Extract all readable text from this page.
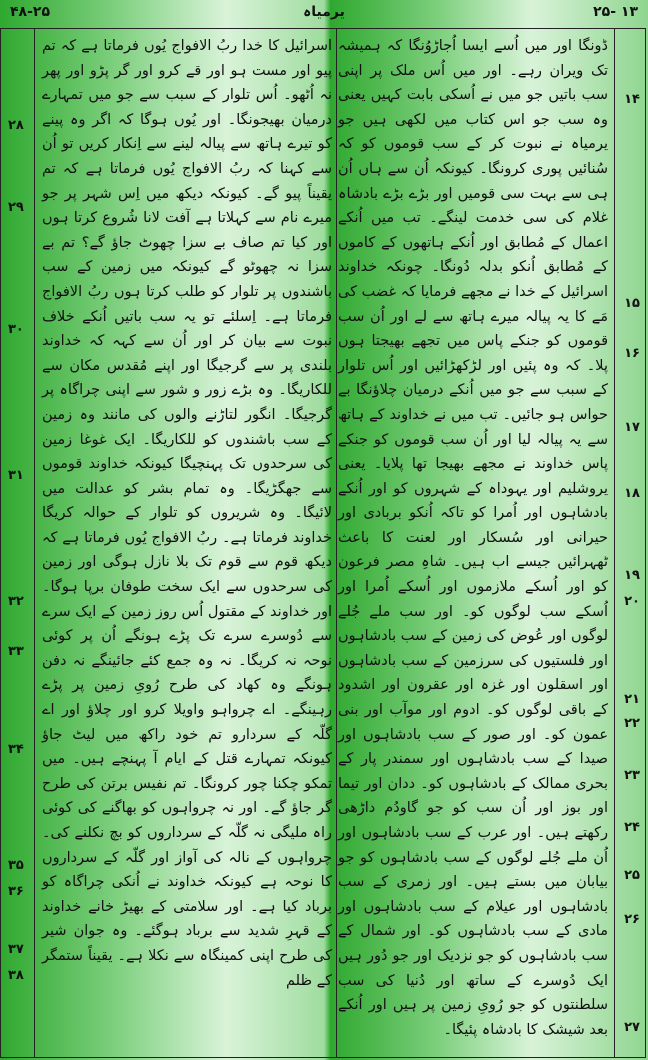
۴۸-۲۵	یرمیاہ	۲۵- ۱۳

ڈونگا اور میں اُسے ایسا اُجاڑوُنگا کہ ہمیشہ تک ویران رہے۔ اور میں اُس ملک پر اپنی سب باتیں جو میں نے اُسکی بابت کہیں یعنی وہ سب جو اس کتاب میں لکھی ہیں جو یرمیاہ نے نبوت کر کے سب قوموں کو کہ سُنائیں پوری کرونگا۔ کیونکہ اُن سے ہاں اُن ہی سے بہت سی قومیں اور بڑے بڑے بادشاہ غلام کی سی خدمت لینگے۔ تب میں اُنکے اعمال کے مُطابق اور اُنکے ہاتھوں کے کاموں کے مُطابق اُنکو بدلہ دُونگا۔ چونکہ خداوند اسرائیل کے خدا نے مجھے فرمایا کہ غضب کی مَے کا یہ پیالہ میرے ہاتھ سے لے اور اُن سب قوموں کو جنکے پاس میں تجھے بھیجتا ہوں پلا۔ کہ وہ پئیں اور لڑکھڑائیں اور اُس تلوار کے سبب سے جو میں اُنکے درمیان چلاؤنگا بے حواس ہو جائیں۔ تب میں نے خداوند کے ہاتھ سے یہ پیالہ لیا اور اُن سب قوموں کو جنکے پاس خداوند نے مجھے بھیجا تھا پلایا۔ یعنی یروشلیم اور یہوداہ کے شہروں کو اور اُنکے بادشاہوں اور اُمرا کو تاکہ اُنکو بربادی اور حیرانی اور سُسکار اور لعنت کا باعث ٹھہرائیں جیسے اب ہیں۔ شاہِ مصر فرعون کو اور اُسکے ملازموں اور اُسکے اُمرا اور اُسکے سب لوگوں کو۔ اور سب ملے جُلے لوگوں اور عُوض کی زمین کے سب بادشاہوں اور فلستیوں کی سرزمین کے سب بادشاہوں اور اسقلون اور غزہ اور عقرون اور اشدود کے باقی لوگوں کو۔ ادوم اور موآب اور بنی عمون کو۔ اور صور کے سب بادشاہوں اور صیدا کے سب بادشاہوں اور سمندر پار کے بحری ممالک کے بادشاہوں کو۔ ددان اور تیما اور بوز اور اُن سب کو جو گاودُم داڑھی رکھتے ہیں۔ اور عرب کے سب بادشاہوں اور اُن ملے جُلے لوگوں کے سب بادشاہوں کو جو بیابان میں بستے ہیں۔ اور زمری کے سب بادشاہوں اور عیلام کے سب بادشاہوں اور مادی کے سب بادشاہوں کو۔ اور شمال کے سب بادشاہوں کو جو نزدیک اور جو دُور ہیں ایک دُوسرے کے ساتھ اور دُنیا کی سب سلطنتوں کو جو رُویِ زمین پر ہیں اور اُنکے بعد شیشک کا بادشاہ پئیگا۔

اسرائیل کا خدا ربُ الافواج یُوں فرماتا ہے کہ تم پیو اور مست ہو اور قے کرو اور گر پڑو اور پھر نہ اُٹھو۔ اُس تلوار کے سبب سے جو میں تمہارے درمیان بھیجونگا۔ اور یُوں ہوگا کہ اگر وہ پینے کو تیرے ہاتھ سے پیالہ لینے سے اِنکار کریں تو اُن سے کہنا کہ ربُ الافواج یُوں فرماتا ہے کہ تم یقیناً پیو گے۔ کیونکہ دیکھ میں اِس شہر پر جو میرے نام سے کہلاتا ہے آفت لانا شُروع کرتا ہوں اور کیا تم صاف بے سزا چھوٹ جاؤ گے؟ تم بے سزا نہ چھوٹو گے کیونکہ میں زمین کے سب باشندوں پر تلوار کو طلب کرتا ہوں ربُ الافواج فرماتا ہے۔ اِسلئے تو یہ سب باتیں اُنکے خلاف نبوت سے بیان کر اور اُن سے کہہ کہ خداوند بلندی پر سے گرجیگا اور اپنے مُقدس مکان سے للکاریگا۔ وہ بڑے زور و شور سے اپنی چراگاہ پر گرجیگا۔ انگور لتاڑنے والوں کی مانند وہ زمین کے سب باشندوں کو للکاریگا۔ ایک غوغا زمین کی سرحدوں تک پہنچیگا کیونکہ خداوند قوموں سے جھگڑیگا۔ وہ تمام بشر کو عدالت میں لائیگا۔ وہ شریروں کو تلوار کے حوالہ کریگا خداوند فرماتا ہے۔ ربُ الافواج یُوں فرماتا ہے کہ دیکھ قوم سے قوم تک بلا نازل ہوگی اور زمین کی سرحدوں سے ایک سخت طوفان برپا ہوگا۔ اور خداوند کے مقتول اُس روز زمین کے ایک سرے سے دُوسرے سرے تک پڑے ہونگے اُن پر کوئی نوحہ نہ کریگا۔ نہ وہ جمع کئے جائینگے نہ دفن ہونگے وہ کھاد کی طرح رُویِ زمین پر پڑے رہینگے۔ اے چرواہو واویلا کرو اور چلاؤ اور اے گلّہ کے سردارو تم خود راکھ میں لیٹ جاؤ کیونکہ تمہارے قتل کے ایام آ پہنچے ہیں۔ میں تمکو چکنا چور کرونگا۔ تم نفیس برتن کی طرح گر جاؤ گے۔ اور نہ چرواہوں کو بھاگنے کی کوئی راہ ملیگی نہ گلّہ کے سرداروں کو بچ نکلنے کی۔ چرواہوں کے نالہ کی آواز اور گلّہ کے سرداروں کا نوحہ ہے کیونکہ خداوند نے اُنکی چراگاہ کو برباد کیا ہے۔ اور سلامتی کے بھیڑ خانے خداوند کے قہرِ شدید سے برباد ہوگئے۔ وہ جوان شیر کی طرح اپنی کمینگاہ سے نکلا ہے۔ یقیناً ستمگر کے ظلم

۱۴
۱۵
۱۶
۱۷
۱۸
۱۹
۲۰
۲۱
۲۲
۲۳
۲۴
۲۵
۲۶
۲۷
۲۸
۲۹
۳۰
۳۱
۳۲
۳۳
۳۴
۳۵
۳۶
۳۷
۳۸
